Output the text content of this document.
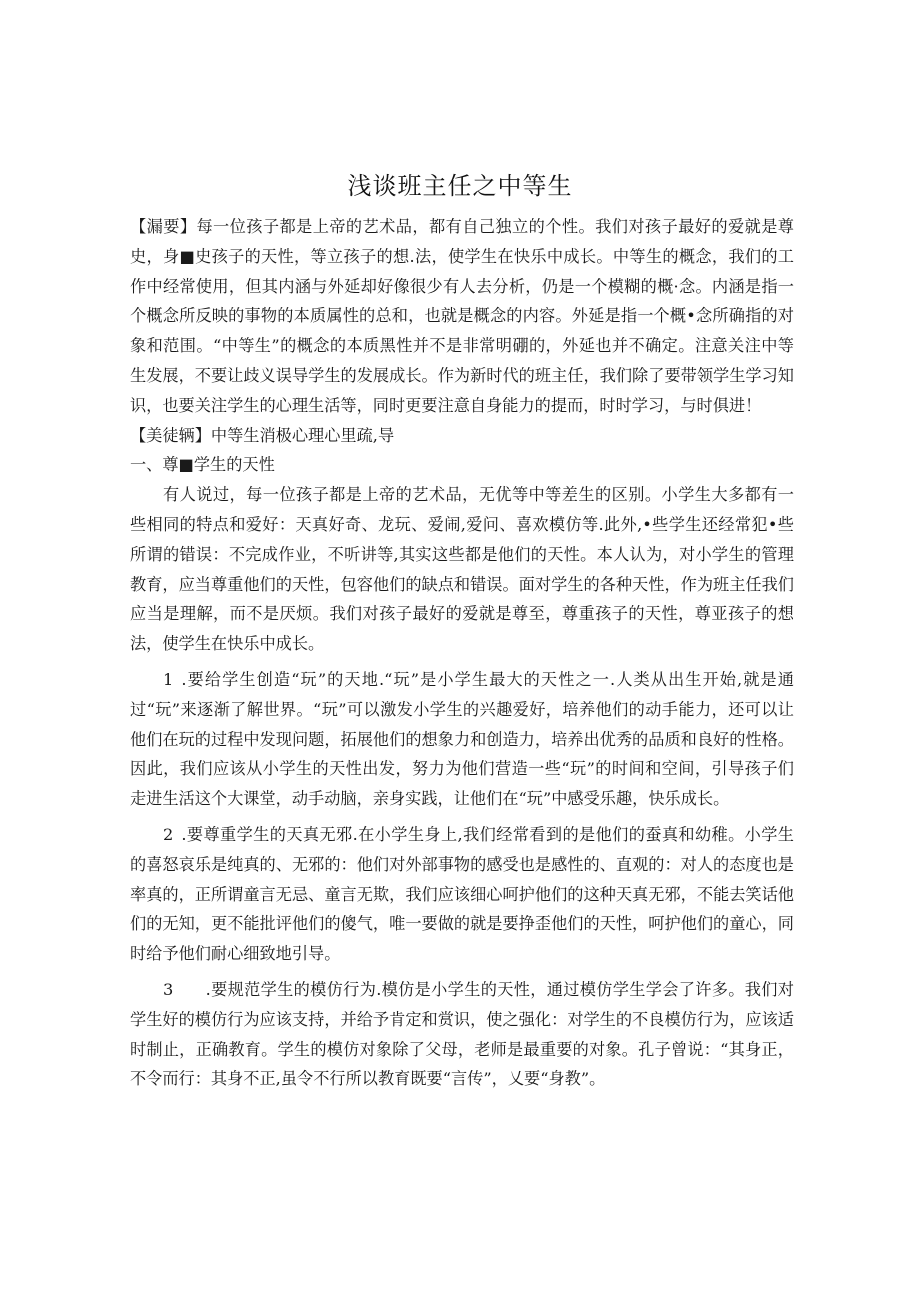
浅谈班主任之中等生

【漏要】每一位孩子都是上帝的艺术品，都有自己独立的个性。我们对孩子最好的爱就是尊史，身■史孩子的天性，等立孩子的想.法，使学生在快乐中成长。中等生的概念，我们的工作中经常使用，但其内涵与外延却好像很少有人去分析，仍是一个模糊的概·念。内涵是指一个概念所反映的事物的本质属性的总和，也就是概念的内容。外延是指一个概•念所确指的对象和范围。“中等生”的概念的本质黑性并不是非常明硼的，外延也并不确定。注意关注中等生发展，不要让歧义误导学生的发展成长。作为新时代的班主任，我们除了要带领学生学习知识，也要关注学生的心理生活等，同时更要注意自身能力的提而，时时学习，与时俱进！

【美徒辆】中等生消极心理心里疏,导

一、尊■学生的天性

有人说过，每一位孩子都是上帝的艺术品，无优等中等差生的区别。小学生大多都有一些相同的特点和爱好：天真好奇、龙玩、爱闹,爱问、喜欢模仿等.此外,•些学生还经常犯•些所谓的错误：不完成作业，不听讲等,其实这些都是他们的天性。本人认为，对小学生的管理教育，应当尊重他们的天性，包容他们的缺点和错误。面对学生的各种天性，作为班主任我们应当是理解，而不是厌烦。我们对孩子最好的爱就是尊至，尊重孩子的天性，尊亚孩子的想法，使学生在快乐中成长。

1 .要给学生创造“玩”的天地.“玩”是小学生最大的天性之一.人类从出生开始,就是通过“玩”来逐渐了解世界。“玩”可以激发小学生的兴趣爱好，培养他们的动手能力，还可以让他们在玩的过程中发现问题，拓展他们的想象力和创造力，培养出优秀的品质和良好的性格。因此，我们应该从小学生的天性出发，努力为他们营造一些“玩”的时间和空间，引导孩子们走进生活这个大课堂，动手动脑，亲身实践，让他们在“玩”中感受乐趣，快乐成长。

2 .要尊重学生的天真无邪.在小学生身上,我们经常看到的是他们的蚕真和幼稚。小学生的喜怒哀乐是纯真的、无邪的：他们对外部事物的感受也是感性的、直观的：对人的态度也是率真的，正所谓童言无忌、童言无欺，我们应该细心呵护他们的这种天真无邪，不能去笑话他们的无知，更不能批评他们的傻气，唯一要做的就是要挣歪他们的天性，呵护他们的童心，同时给予他们耐心细致地引导。

3  .要规范学生的模仿行为.模仿是小学生的天性，通过模仿学生学会了许多。我们对学生好的模仿行为应该支持，并给予肯定和赏识，使之强化：对学生的不良模仿行为，应该适时制止，正确教育。学生的模仿对象除了父母，老师是最重要的对象。孔子曾说：“其身正，不令而行：其身不正,虽令不行所以教育既要“言传”，乂要“身教”。
